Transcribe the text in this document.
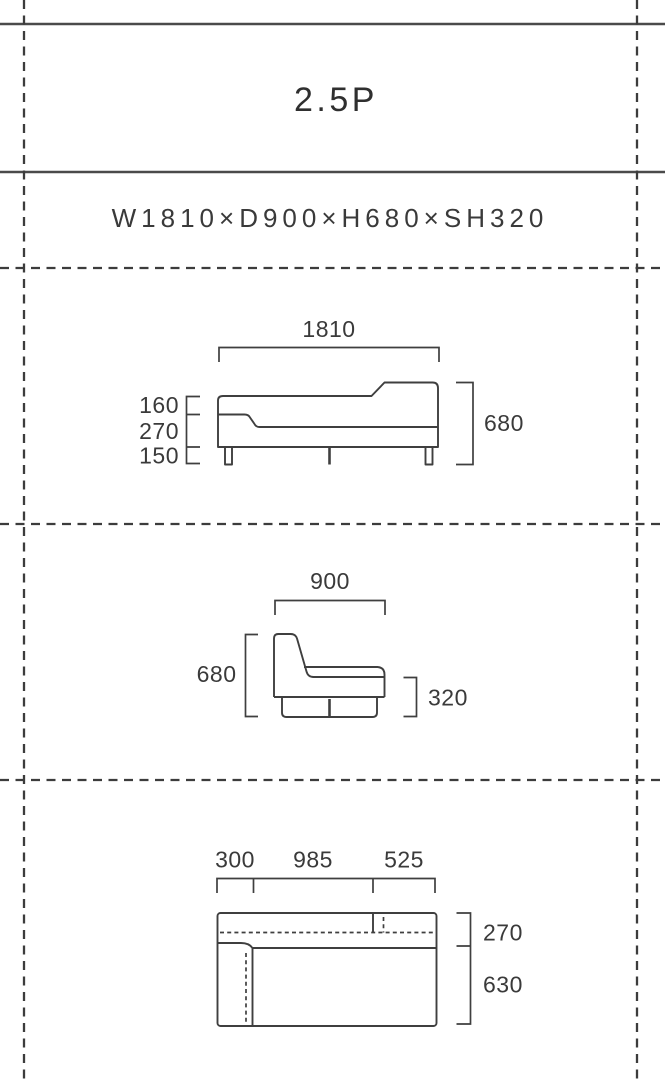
2.5P
W1810×D900×H680×SH320
1810
160
270
150
680
900
680
320
300 985 525
270
630
